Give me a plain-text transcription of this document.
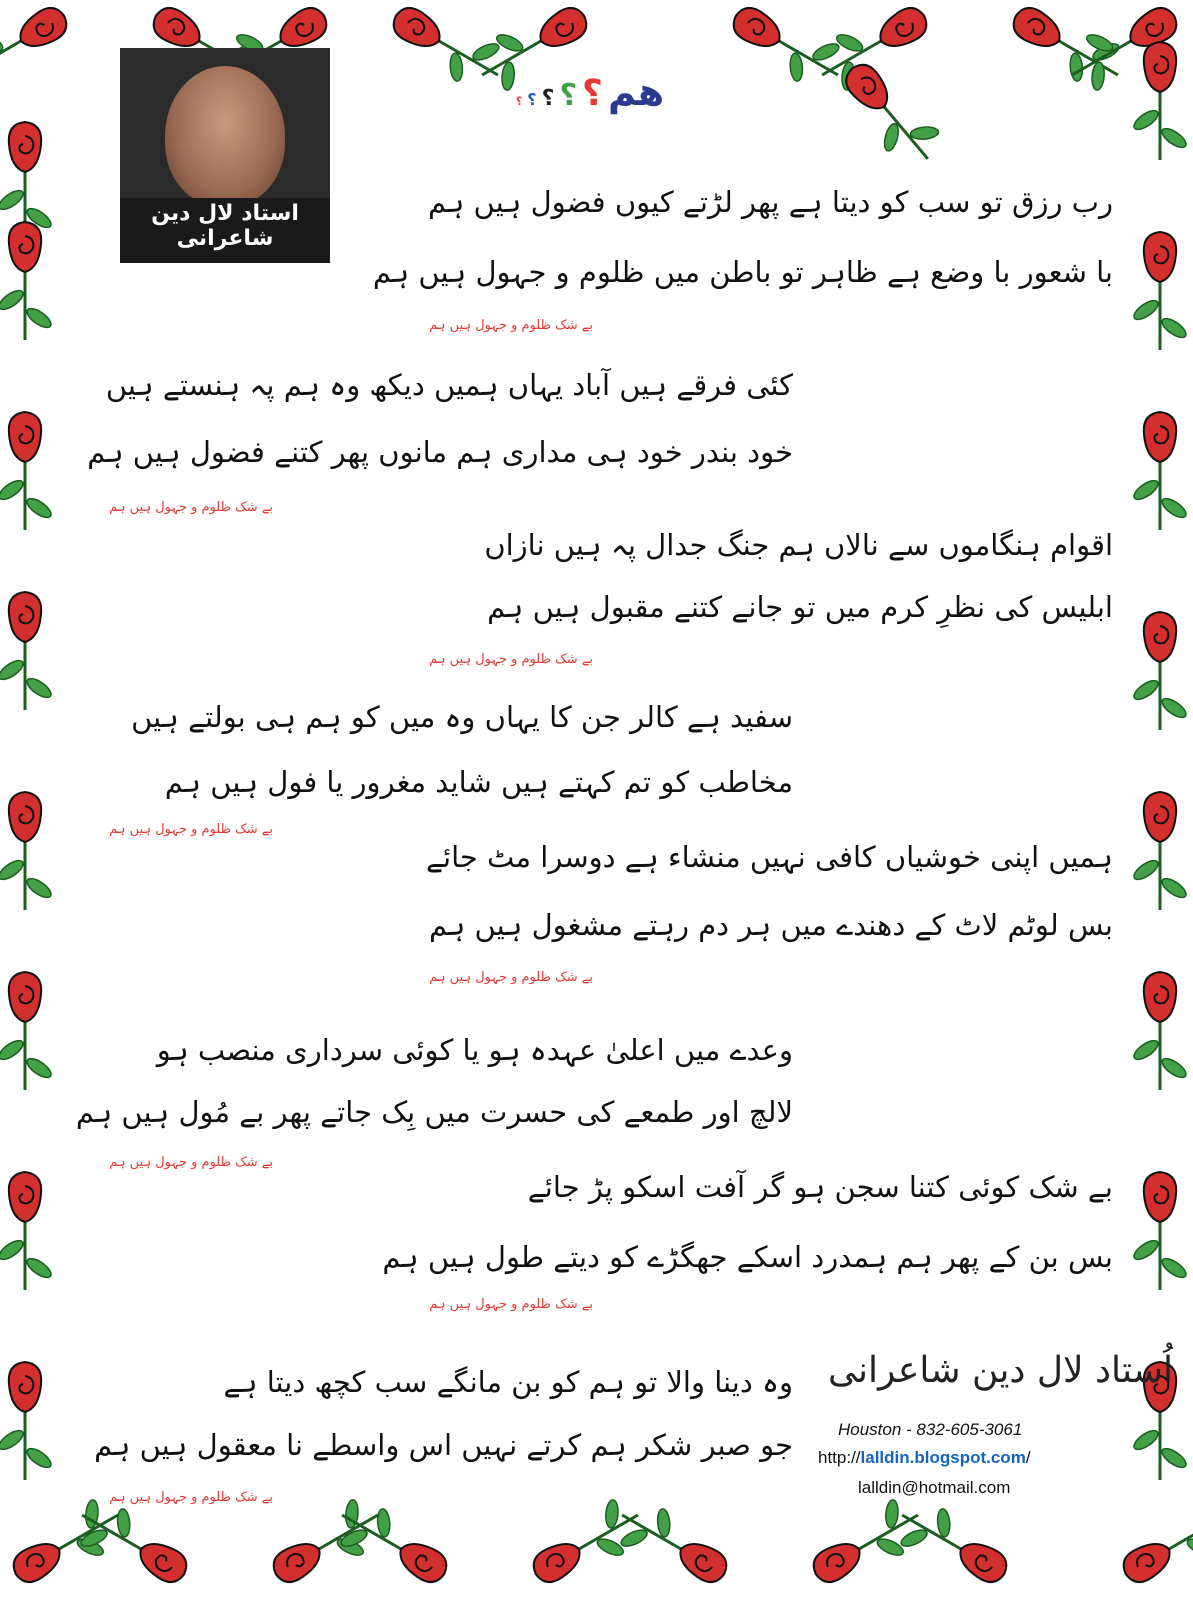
استاد لال دین شاعرانی
هم ؟ ؟ ؟ ؟ ؟
رب رزق تو سب کو دیتا ہے پھر لڑتے کیوں فضول ہیں ہم
با شعور با وضع ہے ظاہر تو باطن میں ظلوم و جہول ہیں ہم
بے شک ظلوم و جہول ہیں ہم
کئی فرقے ہیں آباد یہاں ہمیں دیکھ وہ ہم پہ ہنستے ہیں
خود بندر خود ہی مداری ہم مانوں پھر کتنے فضول ہیں ہم
بے شک ظلوم و جہول ہیں ہم
اقوام ہنگاموں سے نالاں ہم جنگ جدال پہ ہیں نازاں
ابلیس کی نظرِ کرم میں تو جانے کتنے مقبول ہیں ہم
بے شک ظلوم و جہول ہیں ہم
سفید ہے کالر جن کا یہاں وہ میں کو ہم ہی بولتے ہیں
مخاطب کو تم کہتے ہیں شاید مغرور یا فول ہیں ہم
بے شک ظلوم و جہول ہیں ہم
ہمیں اپنی خوشیاں کافی نہیں منشاء ہے دوسرا مٹ جائے
بس لوٹم لاٹ کے دھندے میں ہر دم رہتے مشغول ہیں ہم
بے شک ظلوم و جہول ہیں ہم
وعدے میں اعلیٰ عہدہ ہو یا کوئی سرداری منصب ہو
لالچ اور طمعے کی حسرت میں بِک جاتے پھر بے مُول ہیں ہم
بے شک ظلوم و جہول ہیں ہم
بے شک کوئی کتنا سجن ہو گر آفت اسکو پڑ جائے
بس بن کے پھر ہم ہمدرد اسکے جھگڑے کو دیتے طول ہیں ہم
بے شک ظلوم و جہول ہیں ہم
وہ دینا والا تو ہم کو بن مانگے سب کچھ دیتا ہے
جو صبر شکر ہم کرتے نہیں اس واسطے نا معقول ہیں ہم
بے شک ظلوم و جہول ہیں ہم
اُستاد لال دین شاعرانی
Houston - 832-605-3061
http://lalldin.blogspot.com/
lalldin@hotmail.com
